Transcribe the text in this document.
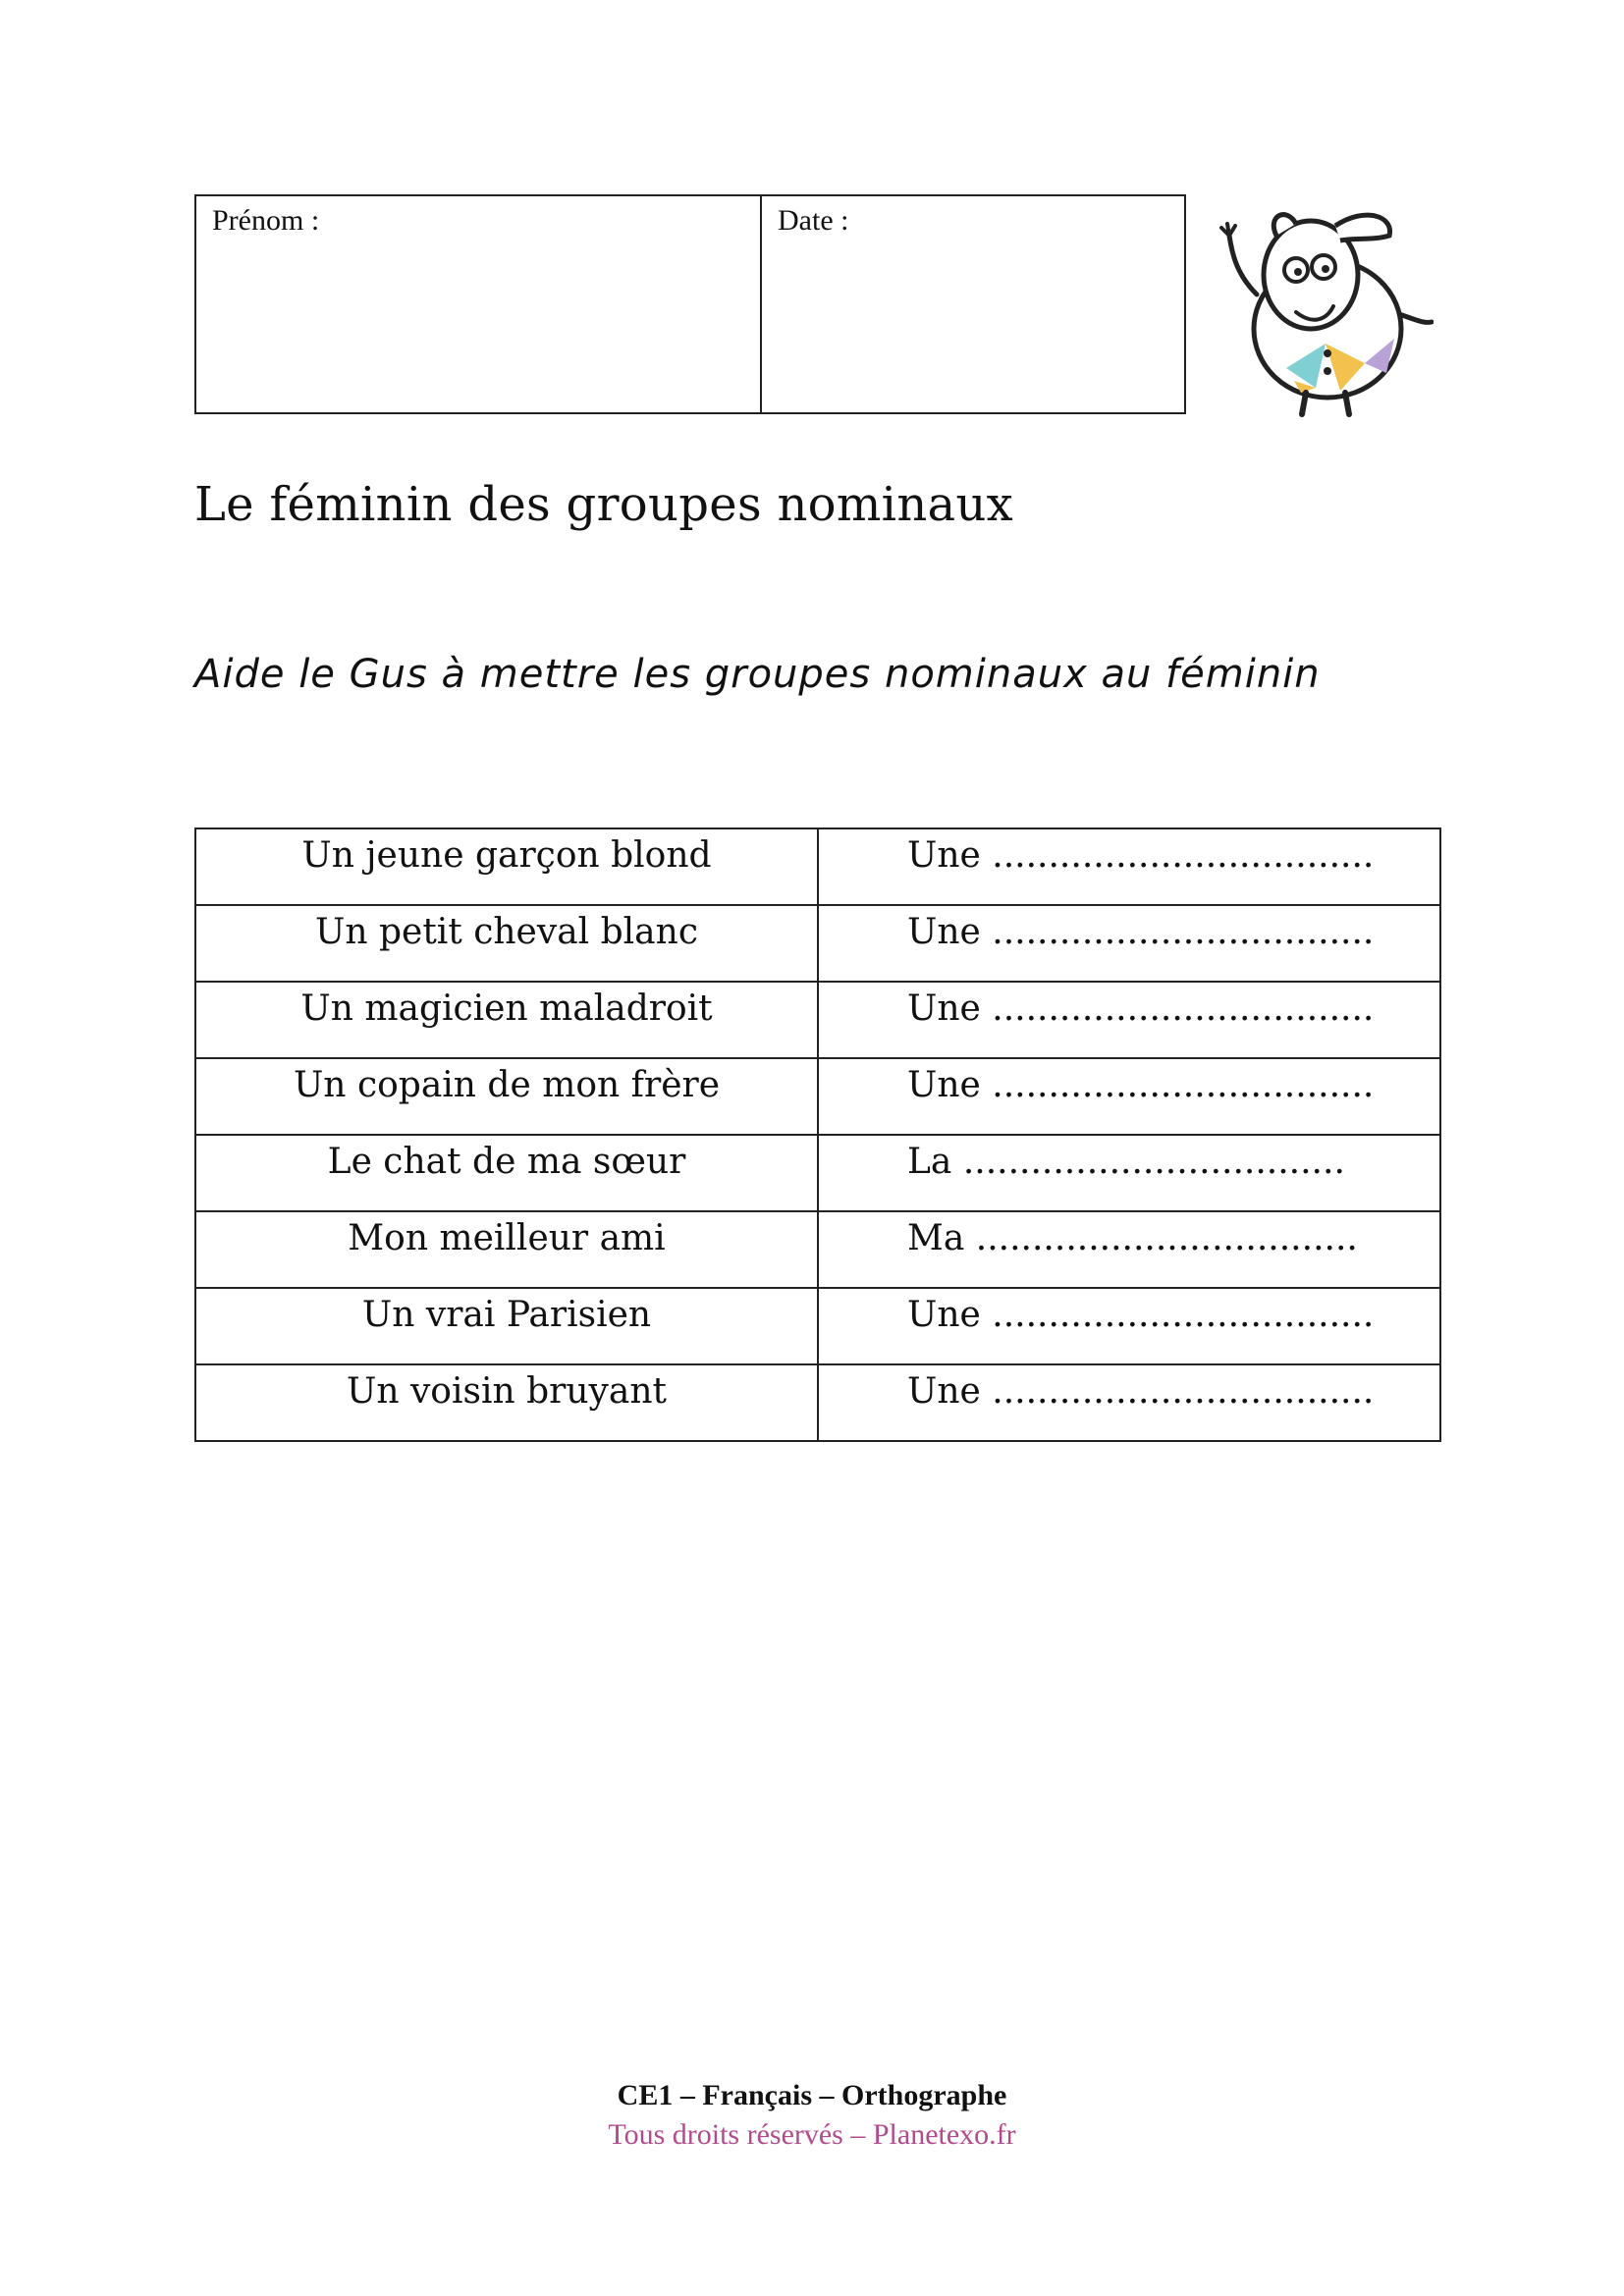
Prénom :	Date :
Le féminin des groupes nominaux
Aide le Gus à mettre les groupes nominaux au féminin
Un jeune garçon blond	Une ..................................
Un petit cheval blanc	Une ..................................
Un magicien maladroit	Une ..................................
Un copain de mon frère	Une ..................................
Le chat de ma sœur	La ..................................
Mon meilleur ami	Ma ..................................
Un vrai Parisien	Une ..................................
Un voisin bruyant	Une ..................................
CE1 – Français – Orthographe
Tous droits réservés – Planetexo.fr
